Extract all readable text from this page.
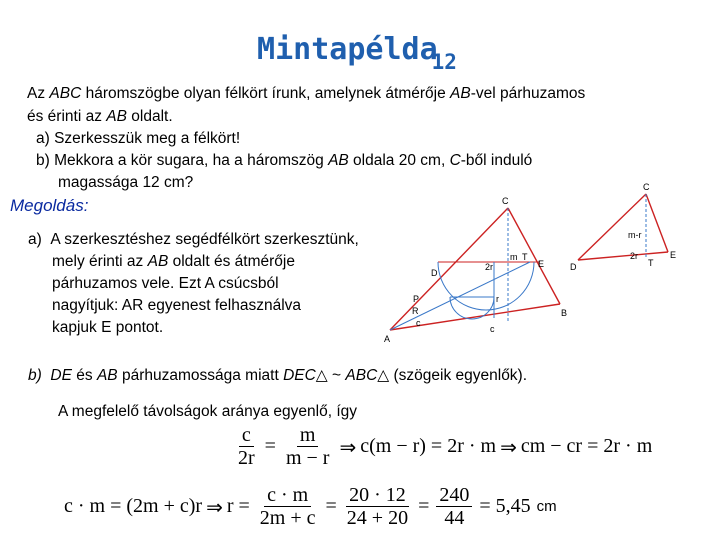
Mintapélda$_{12}$
Az ABC háromszögbe olyan félkört írunk, amelynek átmérője AB-vel párhuzamos
és érinti az AB oldalt.
a) Szerkesszük meg a félkört!
b) Mekkora a kör sugara, ha a háromszög AB oldala 20 cm, C-ből induló
magassága 12 cm?
Megoldás:
a) A szerkesztéshez segédfélkört szerkesztünk,
mely érinti az AB oldalt és átmérője
párhuzamos vele. Ezt A csúcsból
nagyítjuk: AR egyenest felhasználva
kapjuk E pontot.
b) DE és AB párhuzamossága miatt DEC△ ~ ABC△ (szögeik egyenlők).
A megfelelő távolságok aránya egyenlő, így
$\frac{c}{2r} = \frac{m}{m - r}$ ⇒ c(m − r) = 2r · m ⇒ cm − cr = 2r · m
c · m = (2m + c)r ⇒ $r = \frac{c \cdot m}{2m + c} = \frac{20 \cdot 12}{24 + 20} = \frac{240}{44} = 5,45$ cm
C
A
B
D
E
P
R
T
m
2r
r
c
c
C
m-r
2r
T
D
E
